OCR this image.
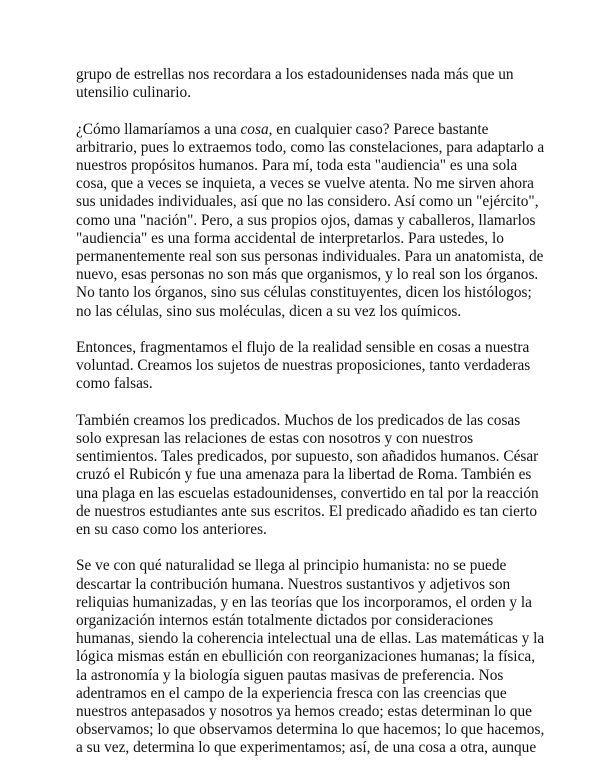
grupo de estrellas nos recordara a los estadounidenses nada más que un
utensilio culinario.

¿Cómo llamaríamos a una cosa, en cualquier caso? Parece bastante
arbitrario, pues lo extraemos todo, como las constelaciones, para adaptarlo a
nuestros propósitos humanos. Para mí, toda esta "audiencia" es una sola
cosa, que a veces se inquieta, a veces se vuelve atenta. No me sirven ahora
sus unidades individuales, así que no las considero. Así como un "ejército",
como una "nación". Pero, a sus propios ojos, damas y caballeros, llamarlos
"audiencia" es una forma accidental de interpretarlos. Para ustedes, lo
permanentemente real son sus personas individuales. Para un anatomista, de
nuevo, esas personas no son más que organismos, y lo real son los órganos.
No tanto los órganos, sino sus células constituyentes, dicen los histólogos;
no las células, sino sus moléculas, dicen a su vez los químicos.

Entonces, fragmentamos el flujo de la realidad sensible en cosas a nuestra
voluntad. Creamos los sujetos de nuestras proposiciones, tanto verdaderas
como falsas.

También creamos los predicados. Muchos de los predicados de las cosas
solo expresan las relaciones de estas con nosotros y con nuestros
sentimientos. Tales predicados, por supuesto, son añadidos humanos. César
cruzó el Rubicón y fue una amenaza para la libertad de Roma. También es
una plaga en las escuelas estadounidenses, convertido en tal por la reacción
de nuestros estudiantes ante sus escritos. El predicado añadido es tan cierto
en su caso como los anteriores.

Se ve con qué naturalidad se llega al principio humanista: no se puede
descartar la contribución humana. Nuestros sustantivos y adjetivos son
reliquias humanizadas, y en las teorías que los incorporamos, el orden y la
organización internos están totalmente dictados por consideraciones
humanas, siendo la coherencia intelectual una de ellas. Las matemáticas y la
lógica mismas están en ebullición con reorganizaciones humanas; la física,
la astronomía y la biología siguen pautas masivas de preferencia. Nos
adentramos en el campo de la experiencia fresca con las creencias que
nuestros antepasados y nosotros ya hemos creado; estas determinan lo que
observamos; lo que observamos determina lo que hacemos; lo que hacemos,
a su vez, determina lo que experimentamos; así, de una cosa a otra, aunque
